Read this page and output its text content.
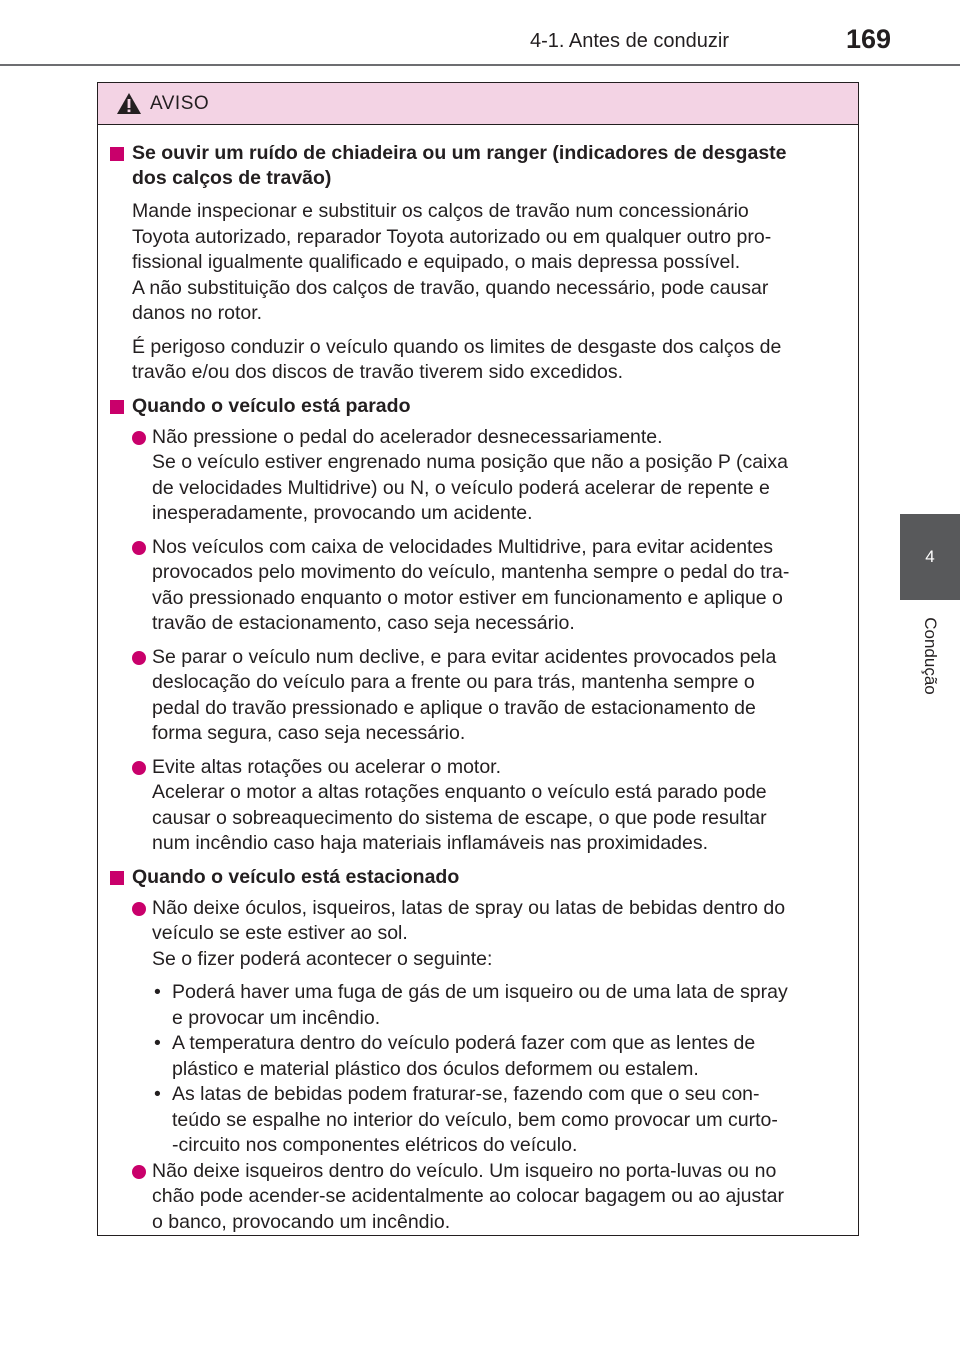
4-1. Antes de conduzir	169
4
Condução
AVISO
Se ouvir um ruído de chiadeira ou um ranger (indicadores de desgaste
dos calços de travão)
Mande inspecionar e substituir os calços de travão num concessionário
Toyota autorizado, reparador Toyota autorizado ou em qualquer outro pro-
fissional igualmente qualificado e equipado, o mais depressa possível.
A não substituição dos calços de travão, quando necessário, pode causar
danos no rotor.
É perigoso conduzir o veículo quando os limites de desgaste dos calços de
travão e/ou dos discos de travão tiverem sido excedidos.
Quando o veículo está parado
Não pressione o pedal do acelerador desnecessariamente.
Se o veículo estiver engrenado numa posição que não a posição P (caixa
de velocidades Multidrive) ou N, o veículo poderá acelerar de repente e
inesperadamente, provocando um acidente.
Nos veículos com caixa de velocidades Multidrive, para evitar acidentes
provocados pelo movimento do veículo, mantenha sempre o pedal do tra-
vão pressionado enquanto o motor estiver em funcionamento e aplique o
travão de estacionamento, caso seja necessário.
Se parar o veículo num declive, e para evitar acidentes provocados pela
deslocação do veículo para a frente ou para trás, mantenha sempre o
pedal do travão pressionado e aplique o travão de estacionamento de
forma segura, caso seja necessário.
Evite altas rotações ou acelerar o motor.
Acelerar o motor a altas rotações enquanto o veículo está parado pode
causar o sobreaquecimento do sistema de escape, o que pode resultar
num incêndio caso haja materiais inflamáveis nas proximidades.
Quando o veículo está estacionado
Não deixe óculos, isqueiros, latas de spray ou latas de bebidas dentro do
veículo se este estiver ao sol.
Se o fizer poderá acontecer o seguinte:
• Poderá haver uma fuga de gás de um isqueiro ou de uma lata de spray
e provocar um incêndio.
• A temperatura dentro do veículo poderá fazer com que as lentes de
plástico e material plástico dos óculos deformem ou estalem.
• As latas de bebidas podem fraturar-se, fazendo com que o seu con-
teúdo se espalhe no interior do veículo, bem como provocar um curto-
-circuito nos componentes elétricos do veículo.
Não deixe isqueiros dentro do veículo. Um isqueiro no porta-luvas ou no
chão pode acender-se acidentalmente ao colocar bagagem ou ao ajustar
o banco, provocando um incêndio.
